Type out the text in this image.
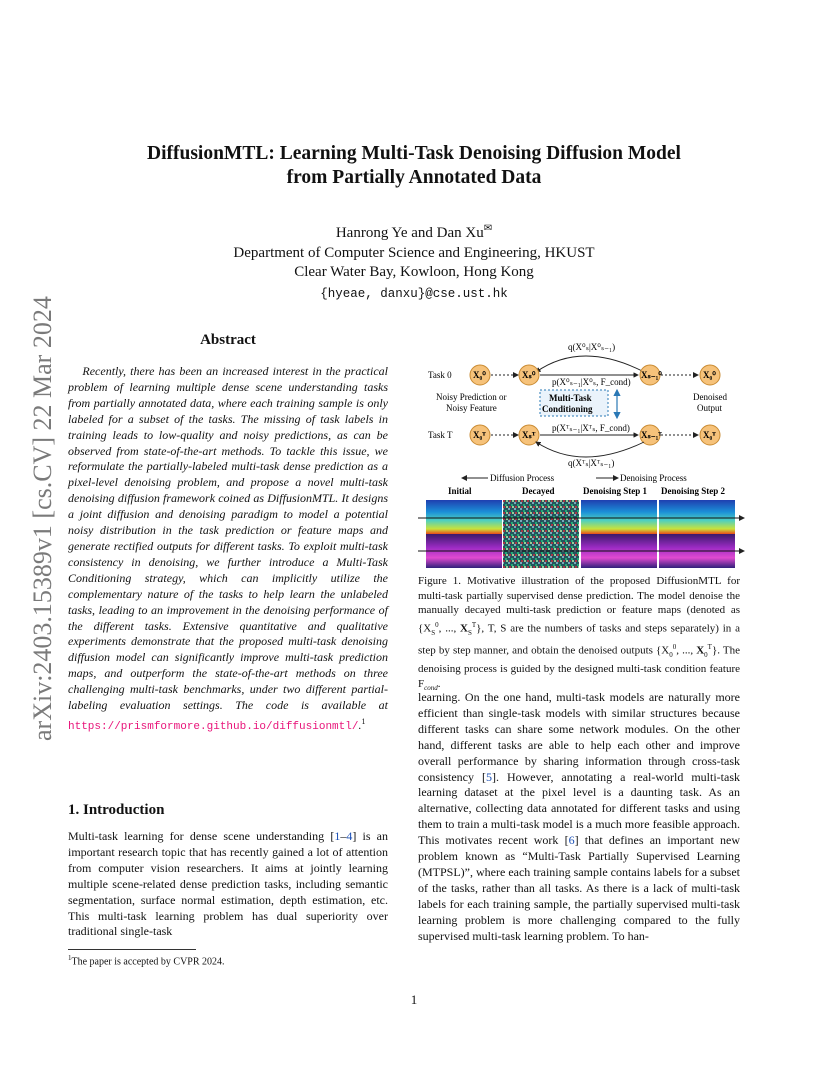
arXiv:2403.15389v1 [cs.CV] 22 Mar 2024
DiffusionMTL: Learning Multi-Task Denoising Diffusion Model
from Partially Annotated Data
Hanrong Ye and Dan Xu✉
Department of Computer Science and Engineering, HKUST
Clear Water Bay, Kowloon, Hong Kong
{hyeae, danxu}@cse.ust.hk
Abstract

Recently, there has been an increased interest in the practical problem of learning multiple dense scene understanding tasks from partially annotated data, where each training sample is only labeled for a subset of the tasks. The missing of task labels in training leads to low-quality and noisy predictions, as can be observed from state-of-the-art methods. To tackle this issue, we reformulate the partially-labeled multi-task dense prediction as a pixel-level denoising problem, and propose a novel multi-task denoising diffusion framework coined as DiffusionMTL. It designs a joint diffusion and denoising paradigm to model a potential noisy distribution in the task prediction or feature maps and generate rectified outputs for different tasks. To exploit multi-task consistency in denoising, we further introduce a Multi-Task Conditioning strategy, which can implicitly utilize the complementary nature of the tasks to help learn the unlabeled tasks, leading to an improvement in the denoising performance of the different tasks. Extensive quantitative and qualitative experiments demonstrate that the proposed multi-task denoising diffusion model can significantly improve multi-task prediction maps, and outperform the state-of-the-art methods on three challenging multi-task benchmarks, under two different partial-labeling evaluation settings. The code is available at https://prismformore.github.io/diffusionmtl/.$^1$

1. Introduction
Multi-task learning for dense scene understanding [1–4] is an important research topic that has recently gained a lot of attention from computer vision researchers. It aims at jointly learning multiple scene-related dense prediction tasks, including semantic segmentation, surface normal estimation, depth estimation, etc. This multi-task learning problem has dual superiority over traditional single-task
$^1$The paper is accepted by CVPR 2024.
q(X⁰ₛ|X⁰ₛ₋₁)
Task 0 X₀⁰	Xₛ⁰
p(X⁰ₛ₋₁|X⁰ₛ, F_cond)
Xₛ₋₁⁰	X₀⁰
Noisy Prediction or
Noisy Feature
Multi-Task
Conditioning
Denoised
Output
Task T X₀ᵀ	Xₛᵀ
p(Xᵀₛ₋₁|Xᵀₛ, F_cond)
Xₛ₋₁ᵀ	X₀ᵀ
q(Xᵀₛ|Xᵀₛ₋₁)
Diffusion Process	Denoising Process
Initial	Decayed	Denoising Step 1 Denoising Step 2
Figure 1. Motivative illustration of the proposed DiffusionMTL for multi-task partially supervised dense prediction. The model denoise the manually decayed multi-task prediction or feature maps (denoted as {$X_S^0$, ..., $X_S^T$}, T, S are the numbers of tasks and steps separately) in a step by step manner, and obtain the denoised outputs {$X_0^0$, ..., $X_0^T$}. The denoising process is guided by the designed multi-task condition feature $F_{cond}$.
learning. On the one hand, multi-task models are naturally more efficient than single-task models with similar structures because different tasks can share some network modules. On the other hand, different tasks are able to help each other and improve overall performance by sharing information through cross-task consistency [5]. However, annotating a real-world multi-task learning dataset at the pixel level is a daunting task. As an alternative, collecting data annotated for different tasks and using them to train a multi-task model is a much more feasible approach. This motivates recent work [6] that defines an important new problem known as “Multi-Task Partially Supervised Learning (MTPSL)”, where each training sample contains labels for a subset of the tasks, rather than all tasks. As there is a lack of multi-task labels for each training sample, the partially supervised multi-task learning problem is more challenging compared to the fully supervised multi-task learning problem. To han-
1
